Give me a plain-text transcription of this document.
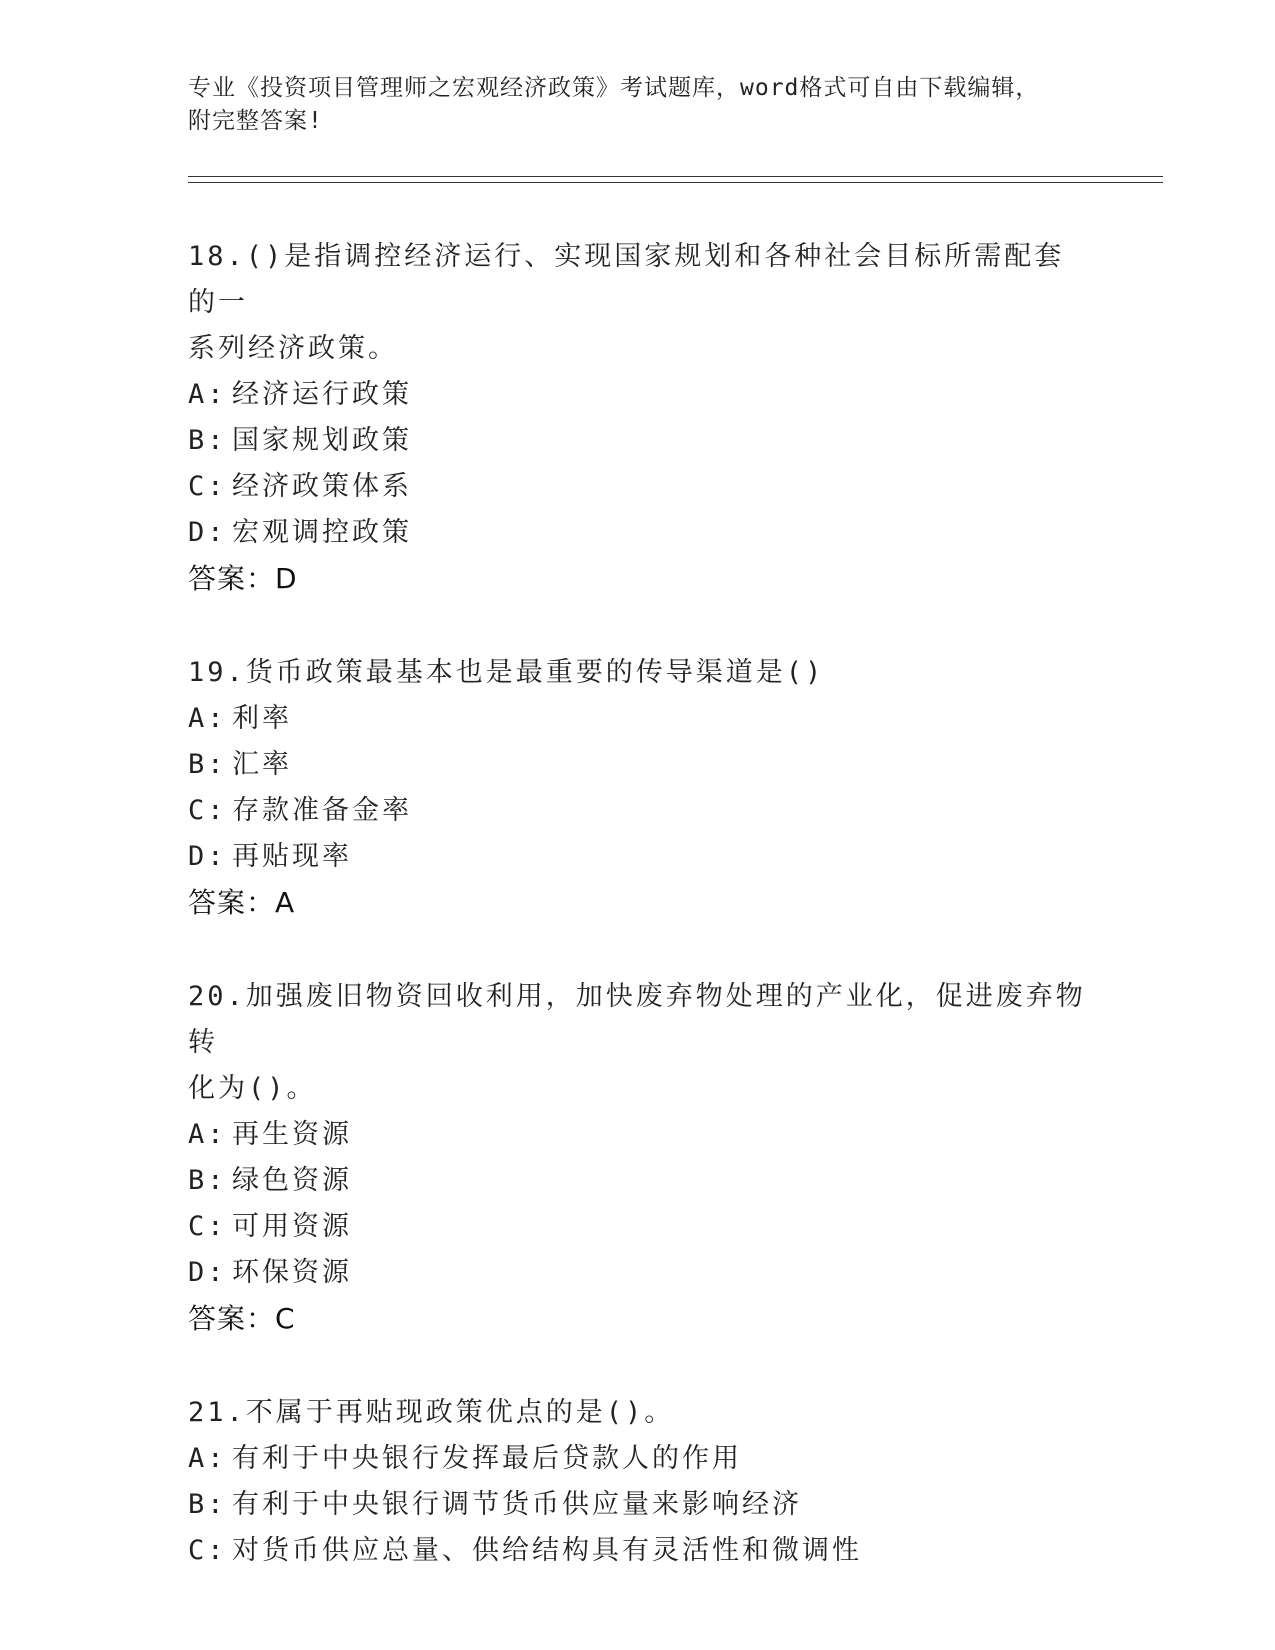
专业《投资项目管理师之宏观经济政策》考试题库，word格式可自由下载编辑，
附完整答案!
18.()是指调控经济运行、实现国家规划和各种社会目标所需配套的一
系列经济政策。
A: 经济运行政策
B: 国家规划政策
C: 经济政策体系
D: 宏观调控政策
答案：D
19.货币政策最基本也是最重要的传导渠道是()
A: 利率
B: 汇率
C: 存款准备金率
D: 再贴现率
答案：A
20.加强废旧物资回收利用，加快废弃物处理的产业化，促进废弃物转
化为()。
A: 再生资源
B: 绿色资源
C: 可用资源
D: 环保资源
答案：C
21.不属于再贴现政策优点的是()。
A: 有利于中央银行发挥最后贷款人的作用
B: 有利于中央银行调节货币供应量来影响经济
C: 对货币供应总量、供给结构具有灵活性和微调性
